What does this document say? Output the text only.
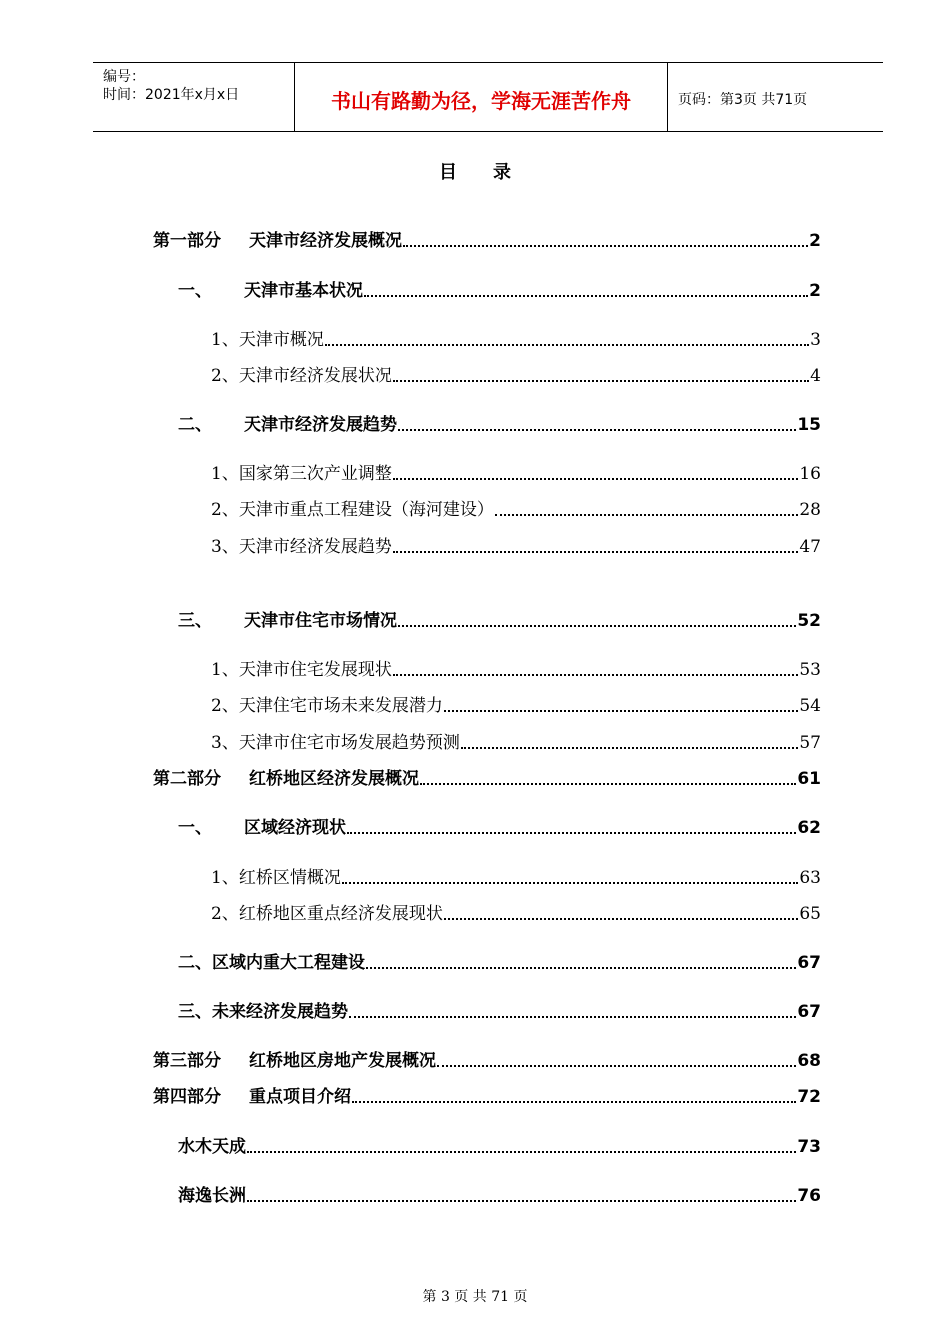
编号：
时间：2021年x月x日	书山有路勤为径，学海无涯苦作舟	页码：第3页 共71页
目录
第一部分	天津市经济发展概况	2
一、	天津市基本状况	2
1、 天津市概况	3
2、 天津市经济发展状况	4
二、	天津市经济发展趋势	15
1、 国家第三次产业调整	16
2、 天津市重点工程建设（海河建设）	28
3、 天津市经济发展趋势	47
三、	天津市住宅市场情况	52
1、 天津市住宅发展现状	53
2、 天津住宅市场未来发展潜力	54
3、 天津市住宅市场发展趋势预测	57
第二部分	红桥地区经济发展概况	61
一、	区域经济现状	62
1、 红桥区情概况	63
2、 红桥地区重点经济发展现状	65
二、区域内重大工程建设	67
三、未来经济发展趋势	67
第三部分	红桥地区房地产发展概况	68
第四部分	重点项目介绍	72
水木天成	73
海逸长洲	76
第 3 页 共 71 页
